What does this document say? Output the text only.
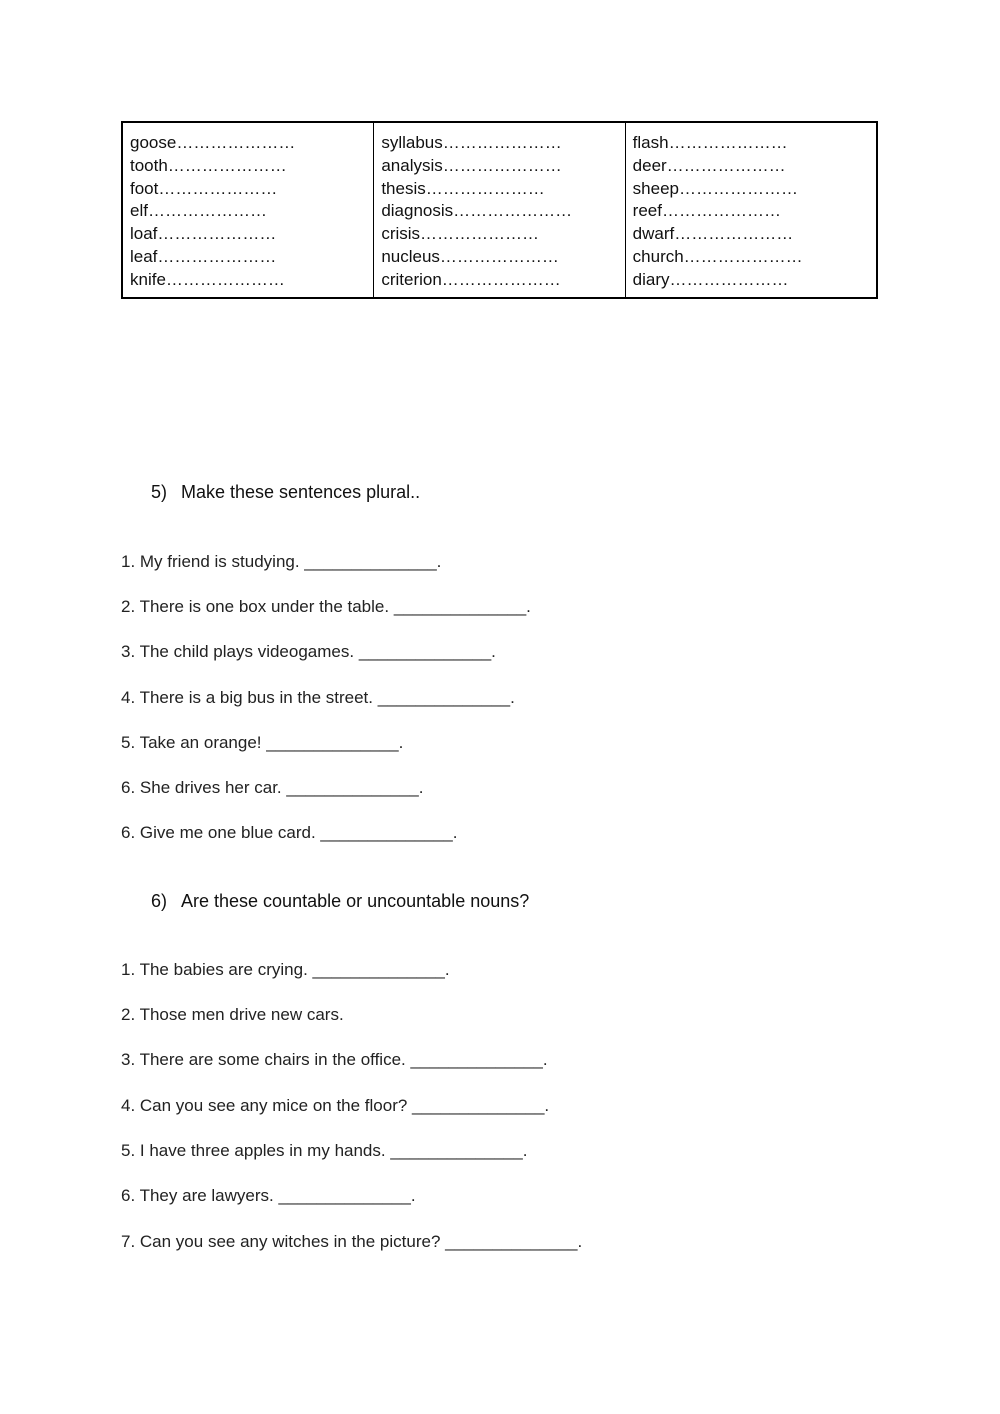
goose…………………
tooth…………………
foot…………………
elf…………………
loaf…………………
leaf…………………
knife…………………
syllabus…………………
analysis…………………
thesis…………………
diagnosis…………………
crisis…………………
nucleus…………………
criterion…………………
flash…………………
deer…………………
sheep…………………
reef…………………
dwarf…………………
church…………………
diary…………………
5) Make these sentences plural..
1. My friend is studying. ______________.
2. There is one box under the table. ______________.
3. The child plays videogames. ______________.
4. There is a big bus in the street. ______________.
5. Take an orange! ______________.
6. She drives her car. ______________.
6. Give me one blue card. ______________.
6) Are these countable or uncountable nouns?
1. The babies are crying. ______________.
2. Those men drive new cars.
3. There are some chairs in the office. ______________.
4. Can you see any mice on the floor? ______________.
5. I have three apples in my hands. ______________.
6. They are lawyers. ______________.
7. Can you see any witches in the picture? ______________.
